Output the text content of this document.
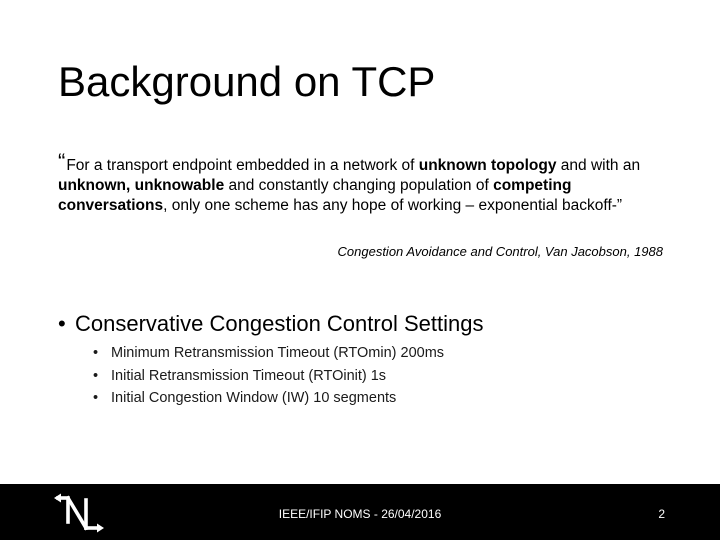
Background on TCP
“For a transport endpoint embedded in a network of unknown topology and with an unknown, unknowable and constantly changing population of competing conversations, only one scheme has any hope of working – exponential backoff-”
Congestion Avoidance and Control, Van Jacobson, 1988
• Conservative Congestion Control Settings
• Minimum Retransmission Timeout (RTOmin) 200ms
• Initial Retransmission Timeout (RTOinit) 1s
• Initial Congestion Window (IW) 10 segments
IEEE/IFIP NOMS - 26/04/2016	2
